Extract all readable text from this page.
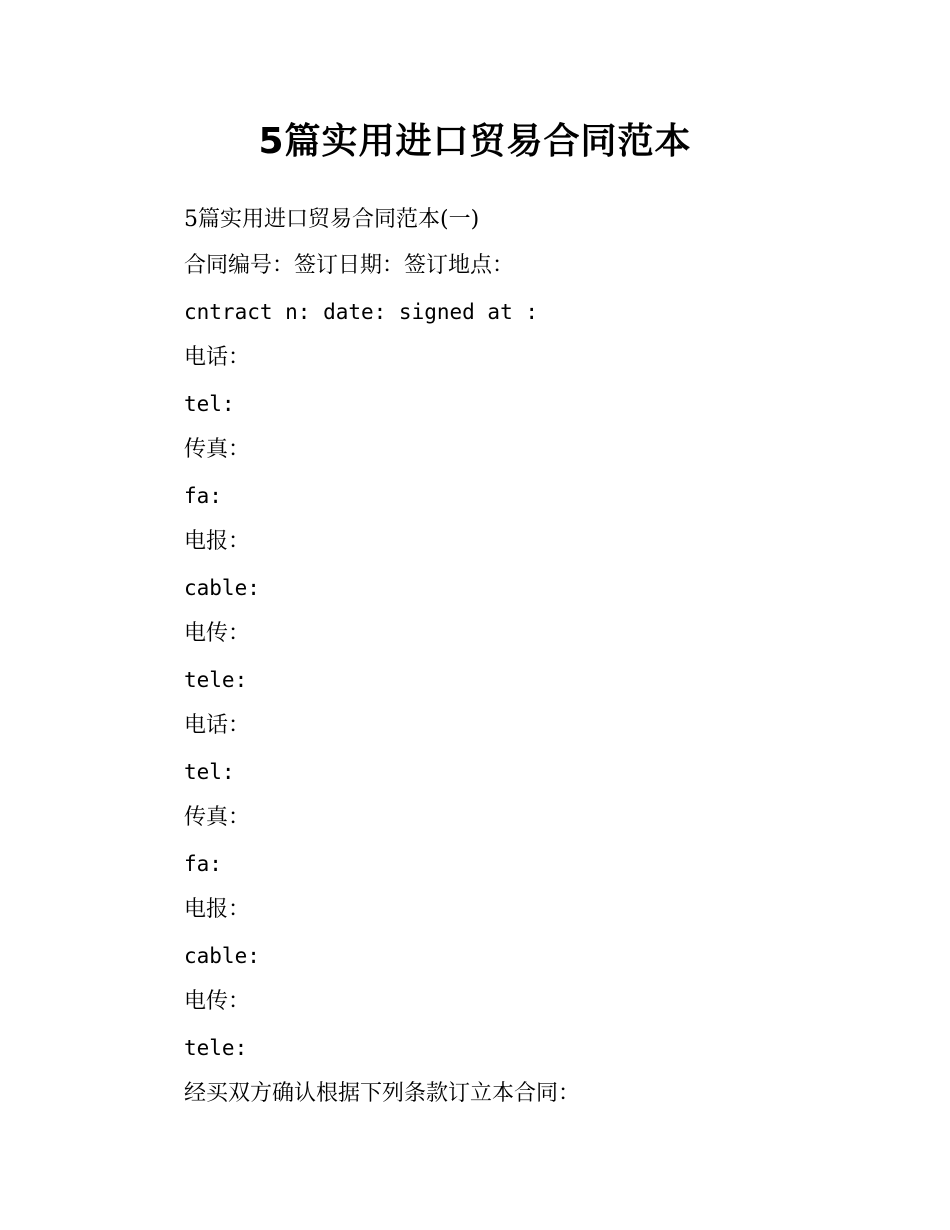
5篇实用进口贸易合同范本

5篇实用进口贸易合同范本(一)

合同编号：签订日期：签订地点：

cntract n: date: signed at :

电话：

tel:

传真：

fa:

电报：

cable:

电传：

tele:

电话：

tel:

传真：

fa:

电报：

cable:

电传：

tele:

经买双方确认根据下列条款订立本合同：
